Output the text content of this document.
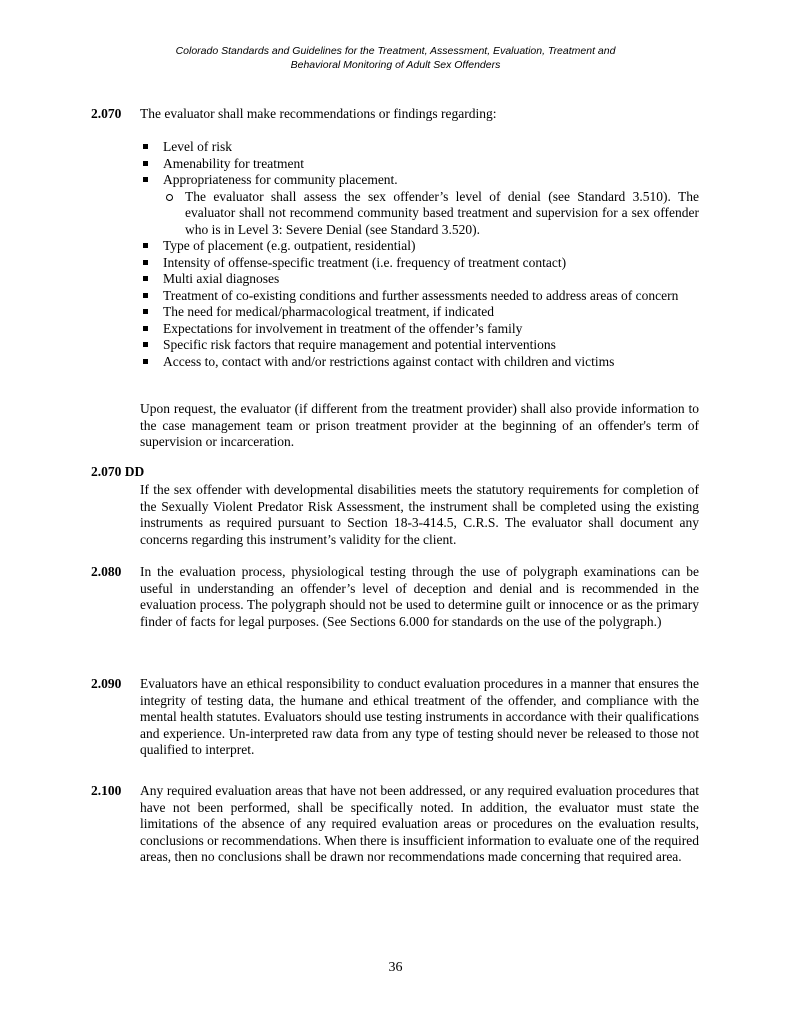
Colorado Standards and Guidelines for the Treatment, Assessment, Evaluation, Treatment and
Behavioral Monitoring of Adult Sex Offenders
2.070 The evaluator shall make recommendations or findings regarding:
Level of risk
Amenability for treatment
Appropriateness for community placement.
The evaluator shall assess the sex offender’s level of denial (see Standard 3.510). The evaluator shall not recommend community based treatment and supervision for a sex offender who is in Level 3: Severe Denial (see Standard 3.520).
Type of placement (e.g. outpatient, residential)
Intensity of offense-specific treatment (i.e. frequency of treatment contact)
Multi axial diagnoses
Treatment of co-existing conditions and further assessments needed to address areas of concern
The need for medical/pharmacological treatment, if indicated
Expectations for involvement in treatment of the offender’s family
Specific risk factors that require management and potential interventions
Access to, contact with and/or restrictions against contact with children and victims
Upon request, the evaluator (if different from the treatment provider) shall also provide information to the case management team or prison treatment provider at the beginning of an offender's term of supervision or incarceration.
2.070 DD
If the sex offender with developmental disabilities meets the statutory requirements for completion of the Sexually Violent Predator Risk Assessment, the instrument shall be completed using the existing instruments as required pursuant to Section 18-3-414.5, C.R.S. The evaluator shall document any concerns regarding this instrument’s validity for the client.
2.080 In the evaluation process, physiological testing through the use of polygraph examinations can be useful in understanding an offender’s level of deception and denial and is recommended in the evaluation process. The polygraph should not be used to determine guilt or innocence or as the primary finder of facts for legal purposes. (See Sections 6.000 for standards on the use of the polygraph.)
2.090 Evaluators have an ethical responsibility to conduct evaluation procedures in a manner that ensures the integrity of testing data, the humane and ethical treatment of the offender, and compliance with the mental health statutes. Evaluators should use testing instruments in accordance with their qualifications and experience. Un-interpreted raw data from any type of testing should never be released to those not qualified to interpret.
2.100 Any required evaluation areas that have not been addressed, or any required evaluation procedures that have not been performed, shall be specifically noted. In addition, the evaluator must state the limitations of the absence of any required evaluation areas or procedures on the evaluation results, conclusions or recommendations. When there is insufficient information to evaluate one of the required areas, then no conclusions shall be drawn nor recommendations made concerning that required area.
36
